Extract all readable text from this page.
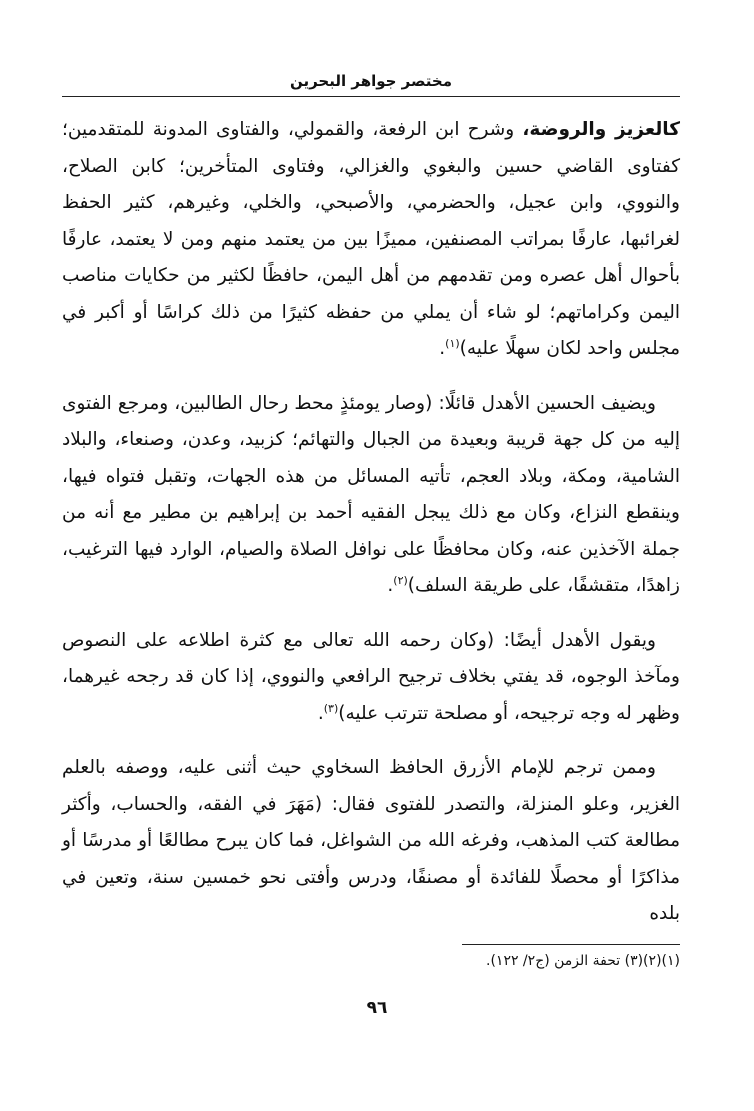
مختصر جواهر البحرين

كالعزيز والروضة، وشرح ابن الرفعة، والقمولي، والفتاوى المدونة للمتقدمين؛ كفتاوى القاضي حسين والبغوي والغزالي، وفتاوى المتأخرين؛ كابن الصلاح، والنووي، وابن عجيل، والحضرمي، والأصبحي، والخلي، وغيرهم، كثير الحفظ لغرائبها، عارفًا بمراتب المصنفين، مميزًا بين من يعتمد منهم ومن لا يعتمد، عارفًا بأحوال أهل عصره ومن تقدمهم من أهل اليمن، حافظًا لكثير من حكايات مناصب اليمن وكراماتهم؛ لو شاء أن يملي من حفظه كثيرًا من ذلك كراسًا أو أكبر في مجلس واحد لكان سهلًا عليه)$^{(١)}$.

ويضيف الحسين الأهدل قائلًا: (وصار يومئذٍ محط رحال الطالبين، ومرجع الفتوى إليه من كل جهة قريبة وبعيدة من الجبال والتهائم؛ كزبيد، وعدن، وصنعاء، والبلاد الشامية، ومكة، وبلاد العجم، تأتيه المسائل من هذه الجهات، وتقبل فتواه فيها، وينقطع النزاع، وكان مع ذلك يبجل الفقيه أحمد بن إبراهيم بن مطير مع أنه من جملة الآخذين عنه، وكان محافظًا على نوافل الصلاة والصيام، الوارد فيها الترغيب، زاهدًا، متقشفًا، على طريقة السلف)$^{(٢)}$.

ويقول الأهدل أيضًا: (وكان رحمه الله تعالى مع كثرة اطلاعه على النصوص ومآخذ الوجوه، قد يفتي بخلاف ترجيح الرافعي والنووي، إذا كان قد رجحه غيرهما، وظهر له وجه ترجيحه، أو مصلحة تترتب عليه)$^{(٣)}$.

وممن ترجم للإمام الأزرق الحافظ السخاوي حيث أثنى عليه، ووصفه بالعلم الغزير، وعلو المنزلة، والتصدر للفتوى فقال: (مَهَرَ في الفقه، والحساب، وأكثر مطالعة كتب المذهب، وفرغه الله من الشواغل، فما كان يبرح مطالعًا أو مدرسًا أو مذاكرًا أو محصلًا للفائدة أو مصنفًا، ودرس وأفتى نحو خمسين سنة، وتعين في بلده

(١)(٢)(٣) تحفة الزمن (ج٢/ ١٢٢).
٩٦
